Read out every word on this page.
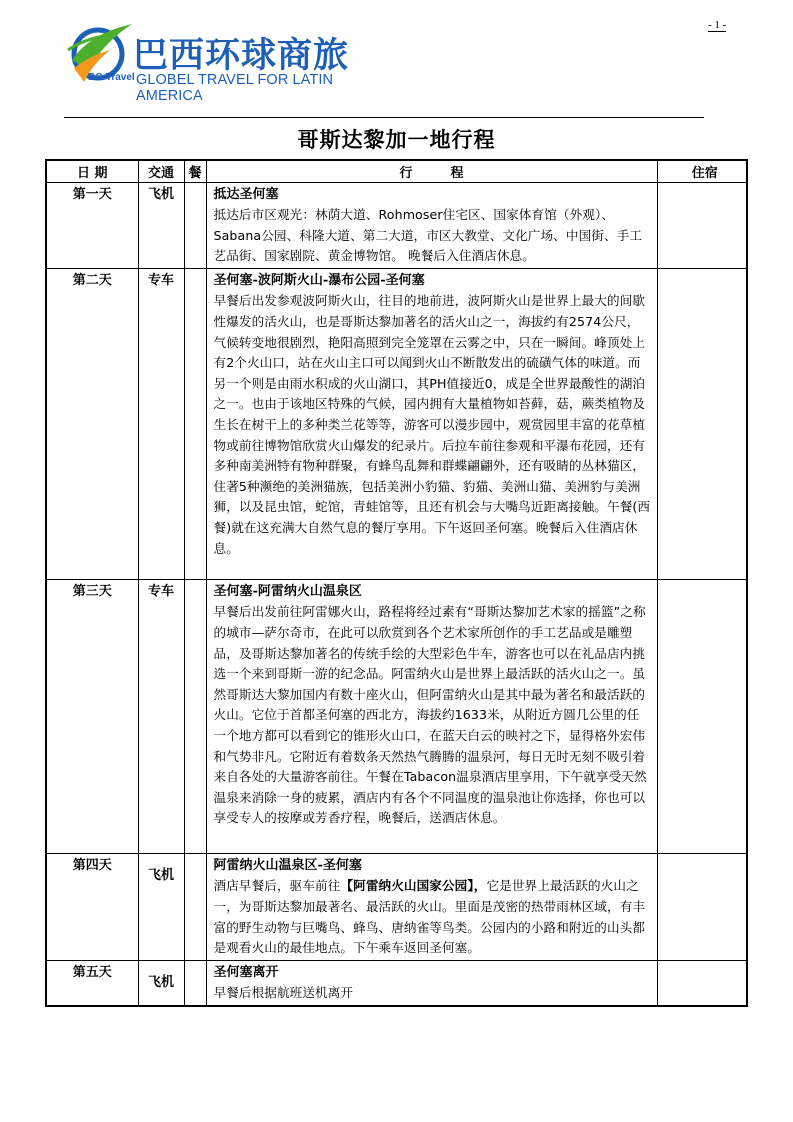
- 1 -
BG Travel
巴西环球商旅
GLOBEL TRAVEL FOR LATIN AMERICA
哥斯达黎加一地行程

日 期	交通	餐	行程	住宿
第一天	飞机		抵达圣何塞
抵达后市区观光：林荫大道、Rohmoser住宅区、国家体育馆（外观）、Sabana公园、科隆大道、第二大道，市区大教堂、文化广场、中国街、手工艺品街、国家剧院、黄金博物馆。 晚餐后入住酒店休息。	

第二天	专车		圣何塞-波阿斯火山-瀑布公园-圣何塞
早餐后出发参观波阿斯火山，往目的地前进，波阿斯火山是世界上最大的间歇性爆发的活火山，也是哥斯达黎加著名的活火山之一，海拔约有2574公尺，气候转变地很剧烈，艳阳高照到完全笼罩在云雾之中，只在一瞬间。峰顶处上有2个火山口，站在火山主口可以闻到火山不断散发出的硫磺气体的味道。而另一个则是由雨水积成的火山湖口，其PH值接近0，成是全世界最酸性的湖泊之一。也由于该地区特殊的气候，园内拥有大量植物如苔藓，菇，蕨类植物及生长在树干上的多种类兰花等等，游客可以漫步园中，观赏园里丰富的花草植物或前往博物馆欣赏火山爆发的纪录片。后拉车前往参观和平瀑布花园，还有多种南美洲特有物种群聚，有蜂鸟乱舞和群蝶翩翩外，还有吸睛的丛林猫区，住著5种濒绝的美洲猫族，包括美洲小豹猫、豹猫、美洲山猫、美洲豹与美洲狮，以及昆虫馆，蛇馆，青蛙馆等，且还有机会与大嘴鸟近距离接触。午餐(西餐)就在这充满大自然气息的餐厅享用。下午返回圣何塞。晚餐后入住酒店休息。	

第三天	专车		圣何塞-阿雷纳火山温泉区
早餐后出发前往阿雷娜火山，路程将经过素有“哥斯达黎加艺术家的摇篮”之称的城市—萨尔奇市，在此可以欣赏到各个艺术家所创作的手工艺品或是雕塑品，及哥斯达黎加著名的传统手绘的大型彩色牛车，游客也可以在礼品店内挑选一个来到哥斯一游的纪念品。阿雷纳火山是世界上最活跃的活火山之一。虽然哥斯达大黎加国内有数十座火山，但阿雷纳火山是其中最为著名和最活跃的火山。它位于首都圣何塞的西北方，海拔约1633米，从附近方圆几公里的任一个地方都可以看到它的锥形火山口，在蓝天白云的映衬之下，显得格外宏伟和气势非凡。它附近有着数条天然热气腾腾的温泉河，每日无时无刻不吸引着来自各处的大量游客前往。午餐在Tabacon温泉酒店里享用，下午就享受天然温泉来消除一身的疲累，酒店内有各个不同温度的温泉池让你选择，你也可以享受专人的按摩或芳香疗程，晚餐后，送酒店休息。	

第四天	飞机		阿雷纳火山温泉区-圣何塞
酒店早餐后，驱车前往【阿雷纳火山国家公园】，它是世界上最活跃的火山之一，为哥斯达黎加最著名、最活跃的火山。里面是茂密的热带雨林区域，有丰富的野生动物与巨嘴鸟、蜂鸟、唐纳雀等鸟类。公园内的小路和附近的山头都是观看火山的最佳地点。下午乘车返回圣何塞。	

第五天	飞机		圣何塞离开
早餐后根据航班送机离开	
